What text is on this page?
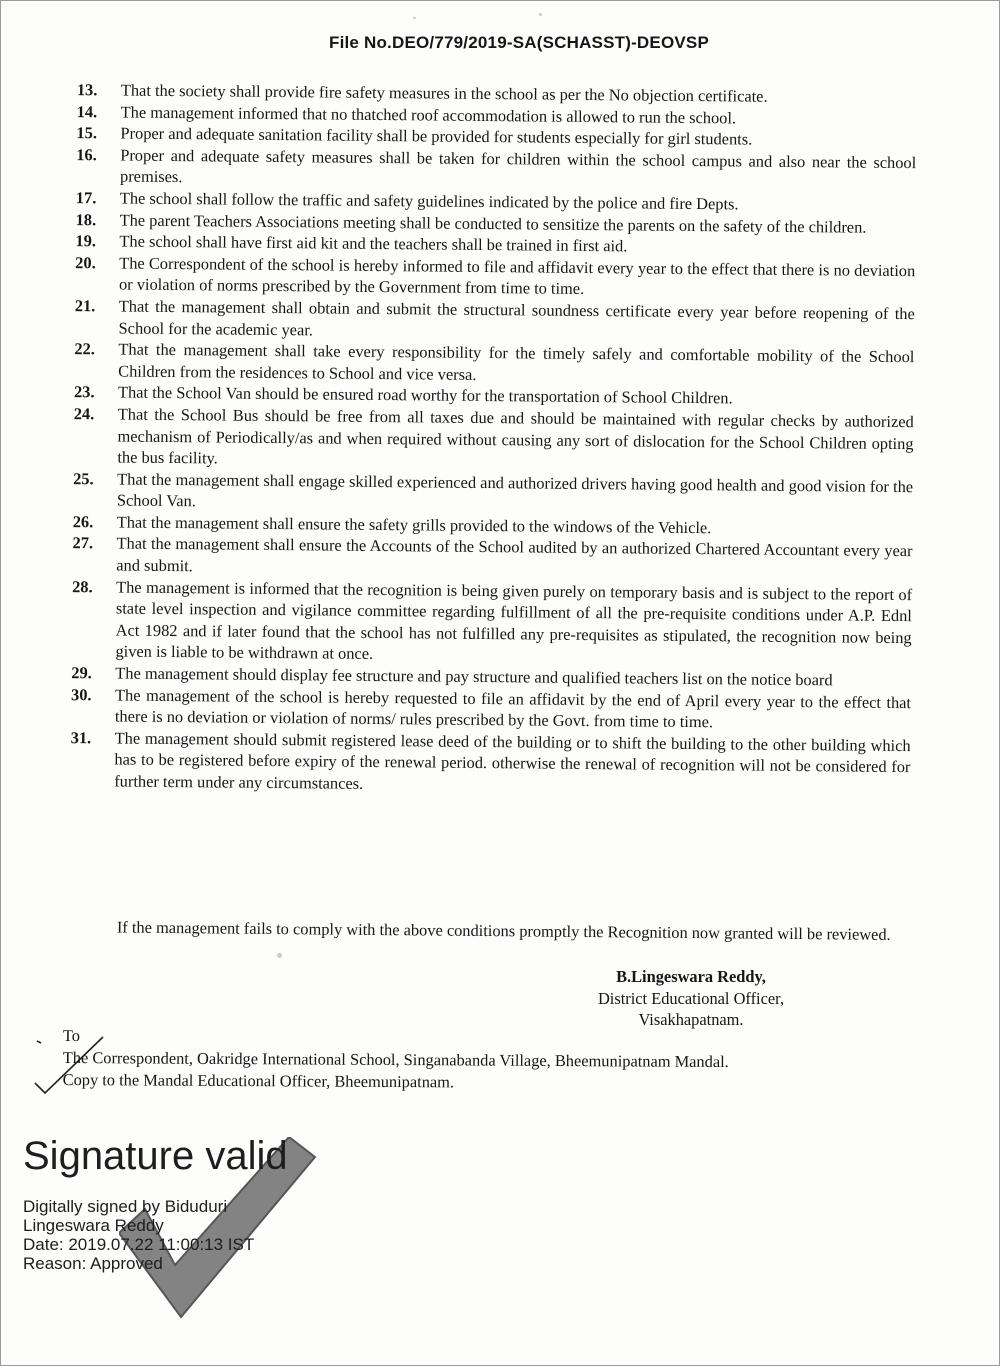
File No.DEO/779/2019-SA(SCHASST)-DEOVSP
13.	That the society shall provide fire safety measures in the school as per the No objection certificate.
14.	The management informed that no thatched roof accommodation is allowed to run the school.
15.	Proper and adequate sanitation facility shall be provided for students especially for girl students.
16.	Proper and adequate safety measures shall be taken for children within the school campus and also near the school premises.
17.	The school shall follow the traffic and safety guidelines indicated by the police and fire Depts.
18.	The parent Teachers Associations meeting shall be conducted to sensitize the parents on the safety of the children.
19.	The school shall have first aid kit and the teachers shall be trained in first aid.
20.	The Correspondent of the school is hereby informed to file and affidavit every year to the effect that there is no deviation or violation of norms prescribed by the Government from time to time.
21.	That the management shall obtain and submit the structural soundness certificate every year before reopening of the School for the academic year.
22.	That the management shall take every responsibility for the timely safely and comfortable mobility of the School Children from the residences to School and vice versa.
23.	That the School Van should be ensured road worthy for the transportation of School Children.
24.	That the School Bus should be free from all taxes due and should be maintained with regular checks by authorized mechanism of Periodically/as and when required without causing any sort of dislocation for the School Children opting the bus facility.
25.	That the management shall engage skilled experienced and authorized drivers having good health and good vision for the School Van.
26.	That the management shall ensure the safety grills provided to the windows of the Vehicle.
27.	That the management shall ensure the Accounts of the School audited by an authorized Chartered Accountant every year and submit.
28.	The management is informed that the recognition is being given purely on temporary basis and is subject to the report of state level inspection and vigilance committee regarding fulfillment of all the pre-requisite conditions under A.P. Ednl Act 1982 and if later found that the school has not fulfilled any pre-requisites as stipulated, the recognition now being given is liable to be withdrawn at once.
29.	The management should display fee structure and pay structure and qualified teachers list on the notice board
30.	The management of the school is hereby requested to file an affidavit by the end of April every year to the effect that there is no deviation or violation of norms/ rules prescribed by the Govt. from time to time.
31.	The management should submit registered lease deed of the building or to shift the building to the other building which has to be registered before expiry of the renewal period. otherwise the renewal of recognition will not be considered for further term under any circumstances.
If the management fails to comply with the above conditions promptly the Recognition now granted will be reviewed.
B.Lingeswara Reddy,
District Educational Officer,
Visakhapatnam.
To
The Correspondent, Oakridge International School, Singanabanda Village, Bheemunipatnam Mandal.
Copy to the Mandal Educational Officer, Bheemunipatnam.
Signature valid
Digitally signed by Biduduri
Lingeswara Reddy
Date: 2019.07.22 11:00:13 IST
Reason: Approved
